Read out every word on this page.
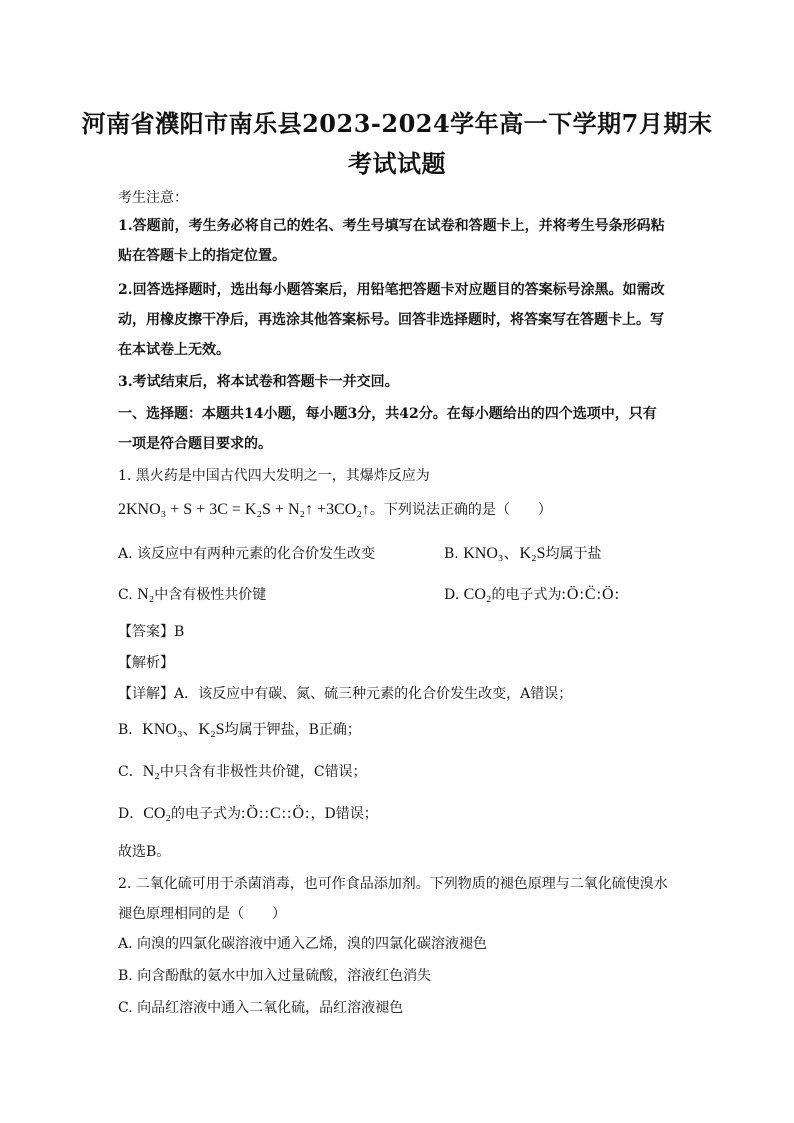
河南省濮阳市南乐县2023-2024学年高一下学期7月期末
考试试题
考生注意：
1.答题前，考生务必将自己的姓名、考生号填写在试卷和答题卡上，并将考生号条形码粘
贴在答题卡上的指定位置。
2.回答选择题时，选出每小题答案后，用铅笔把答题卡对应题目的答案标号涂黑。如需改
动，用橡皮擦干净后，再选涂其他答案标号。回答非选择题时，将答案写在答题卡上。写
在本试卷上无效。
3.考试结束后，将本试卷和答题卡一并交回。
一、选择题：本题共14小题，每小题3分，共42分。在每小题给出的四个选项中，只有
一项是符合题目要求的。
1. 黑火药是中国古代四大发明之一，其爆炸反应为
2KNO₃ + S + 3C = K₂S + N₂↑ +3CO₂↑。下列说法正确的是（　　）
A. 该反应中有两种元素的化合价发生改变	B. KNO₃、K₂S均属于盐
C. N₂中含有极性共价键	D. CO₂的电子式为:Ö:C̈:Ö:
【答案】B
【解析】
【详解】A．该反应中有碳、氮、硫三种元素的化合价发生改变，A错误；
B．KNO₃、K₂S均属于钾盐，B正确；
C．N₂中只含有非极性共价键，C错误；
D．CO₂的电子式为:Ö::C::Ö:，D错误；
故选B。
2. 二氧化硫可用于杀菌消毒，也可作食品添加剂。下列物质的褪色原理与二氧化硫使溴水
褪色原理相同的是（　　）
A. 向溴的四氯化碳溶液中通入乙烯，溴的四氯化碳溶液褪色
B. 向含酚酞的氨水中加入过量硫酸，溶液红色消失
C. 向品红溶液中通入二氧化硫，品红溶液褪色
